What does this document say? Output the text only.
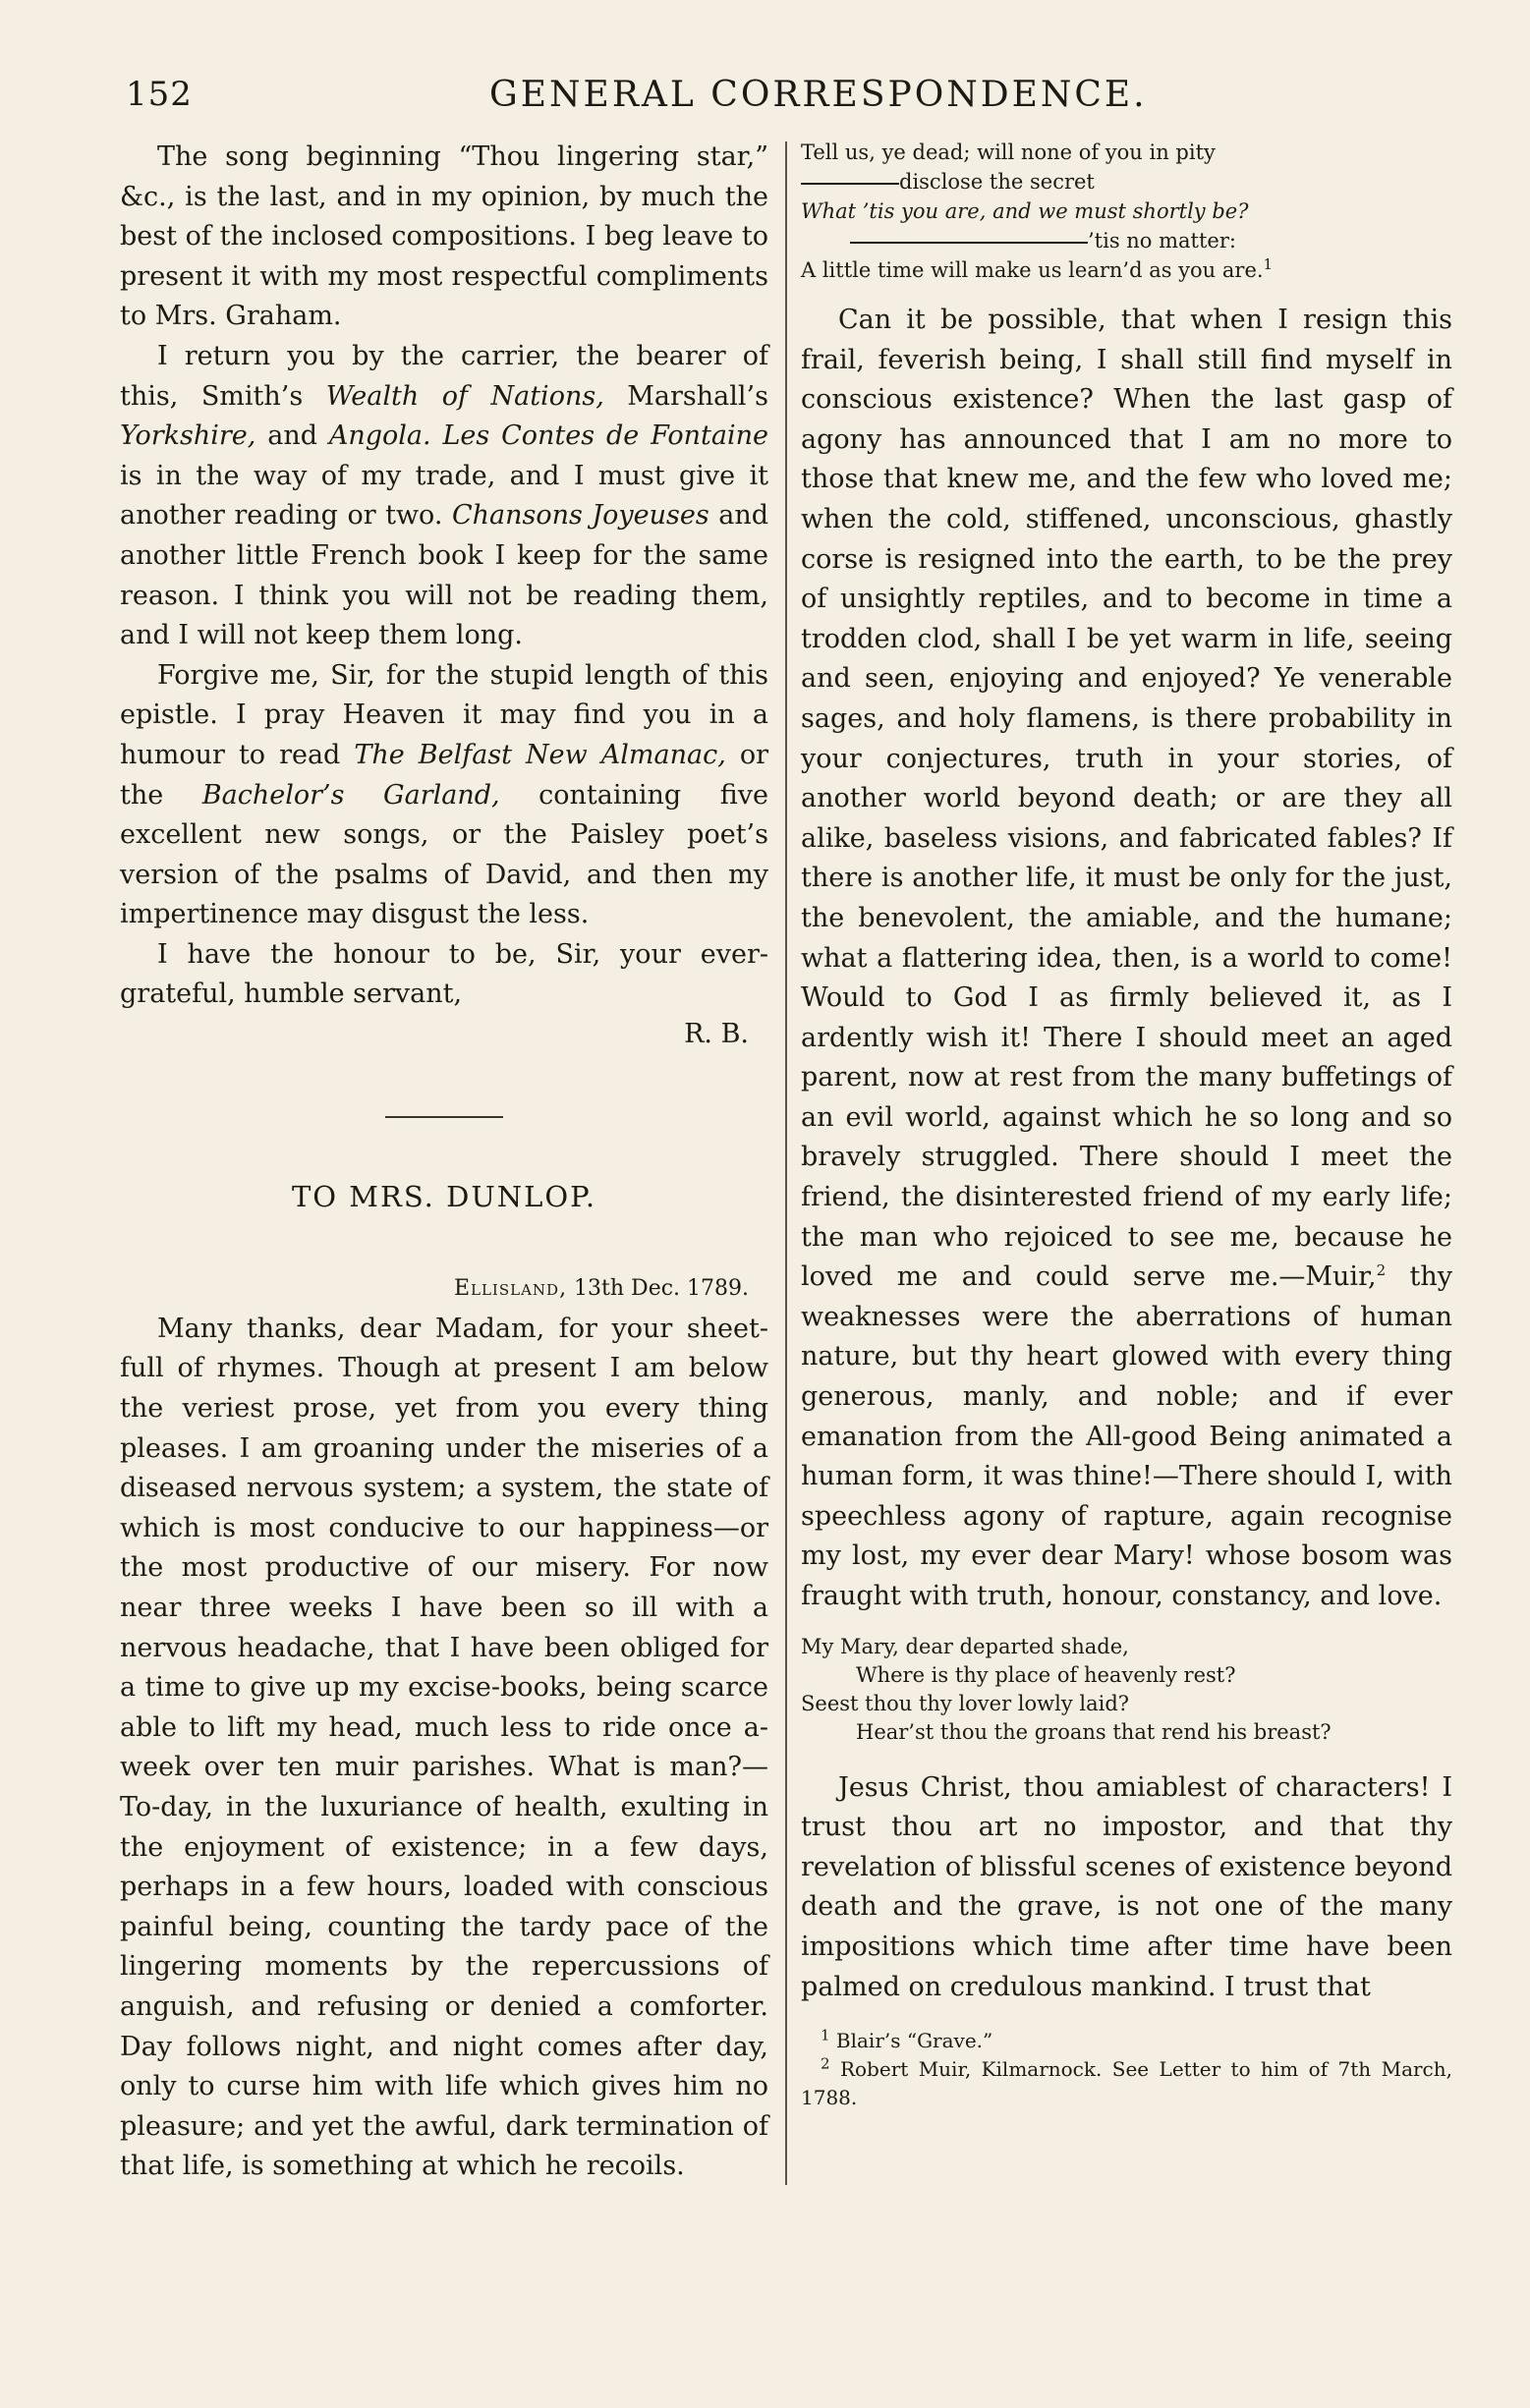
152	GENERAL CORRESPONDENCE.

The song beginning “Thou lingering star,” &c., is the last, and in my opinion, by much the best of the inclosed compositions. I beg leave to present it with my most respectful compliments to Mrs. Graham.

I return you by the carrier, the bearer of this, Smith’s Wealth of Nations, Marshall’s Yorkshire, and Angola. Les Contes de Fontaine is in the way of my trade, and I must give it another reading or two. Chansons Joyeuses and another little French book I keep for the same reason. I think you will not be reading them, and I will not keep them long.

Forgive me, Sir, for the stupid length of this epistle. I pray Heaven it may find you in a humour to read The Belfast New Almanac, or the Bachelor’s Garland, containing five excellent new songs, or the Paisley poet’s version of the psalms of David, and then my impertinence may disgust the less.

I have the honour to be, Sir, your ever-grateful, humble servant,

R. B.

TO MRS. DUNLOP.

Ellisland, 13th Dec. 1789.

Many thanks, dear Madam, for your sheet-full of rhymes. Though at present I am below the veriest prose, yet from you every thing pleases. I am groaning under the miseries of a diseased nervous system; a system, the state of which is most conducive to our happiness—or the most productive of our misery. For now near three weeks I have been so ill with a nervous headache, that I have been obliged for a time to give up my excise-books, being scarce able to lift my head, much less to ride once a-week over ten muir parishes. What is man?—To-day, in the luxuriance of health, exulting in the enjoyment of existence; in a few days, perhaps in a few hours, loaded with conscious painful being, counting the tardy pace of the lingering moments by the repercussions of anguish, and refusing or denied a comforter. Day follows night, and night comes after day, only to curse him with life which gives him no pleasure; and yet the awful, dark termination of that life, is something at which he recoils.

Tell us, ye dead; will none of you in pity
disclose the secret
What ’tis you are, and we must shortly be?
’tis no matter:
A little time will make us learn’d as you are.$^1$

Can it be possible, that when I resign this frail, feverish being, I shall still find myself in conscious existence? When the last gasp of agony has announced that I am no more to those that knew me, and the few who loved me; when the cold, stiffened, unconscious, ghastly corse is resigned into the earth, to be the prey of unsightly reptiles, and to become in time a trodden clod, shall I be yet warm in life, seeing and seen, enjoying and enjoyed? Ye venerable sages, and holy flamens, is there probability in your conjectures, truth in your stories, of another world beyond death; or are they all alike, baseless visions, and fabricated fables? If there is another life, it must be only for the just, the benevolent, the amiable, and the humane; what a flattering idea, then, is a world to come! Would to God I as firmly believed it, as I ardently wish it! There I should meet an aged parent, now at rest from the many buffetings of an evil world, against which he so long and so bravely struggled. There should I meet the friend, the disinterested friend of my early life; the man who rejoiced to see me, because he loved me and could serve me.—Muir,$^2$ thy weaknesses were the aberrations of human nature, but thy heart glowed with every thing generous, manly, and noble; and if ever emanation from the All-good Being animated a human form, it was thine!—There should I, with speechless agony of rapture, again recognise my lost, my ever dear Mary! whose bosom was fraught with truth, honour, constancy, and love.

My Mary, dear departed shade,
Where is thy place of heavenly rest?
Seest thou thy lover lowly laid?
Hear’st thou the groans that rend his breast?

Jesus Christ, thou amiablest of characters! I trust thou art no impostor, and that thy revelation of blissful scenes of existence beyond death and the grave, is not one of the many impositions which time after time have been palmed on credulous mankind. I trust that

$^1$ Blair’s “Grave.”
$^2$ Robert Muir, Kilmarnock. See Letter to him of 7th March, 1788.
